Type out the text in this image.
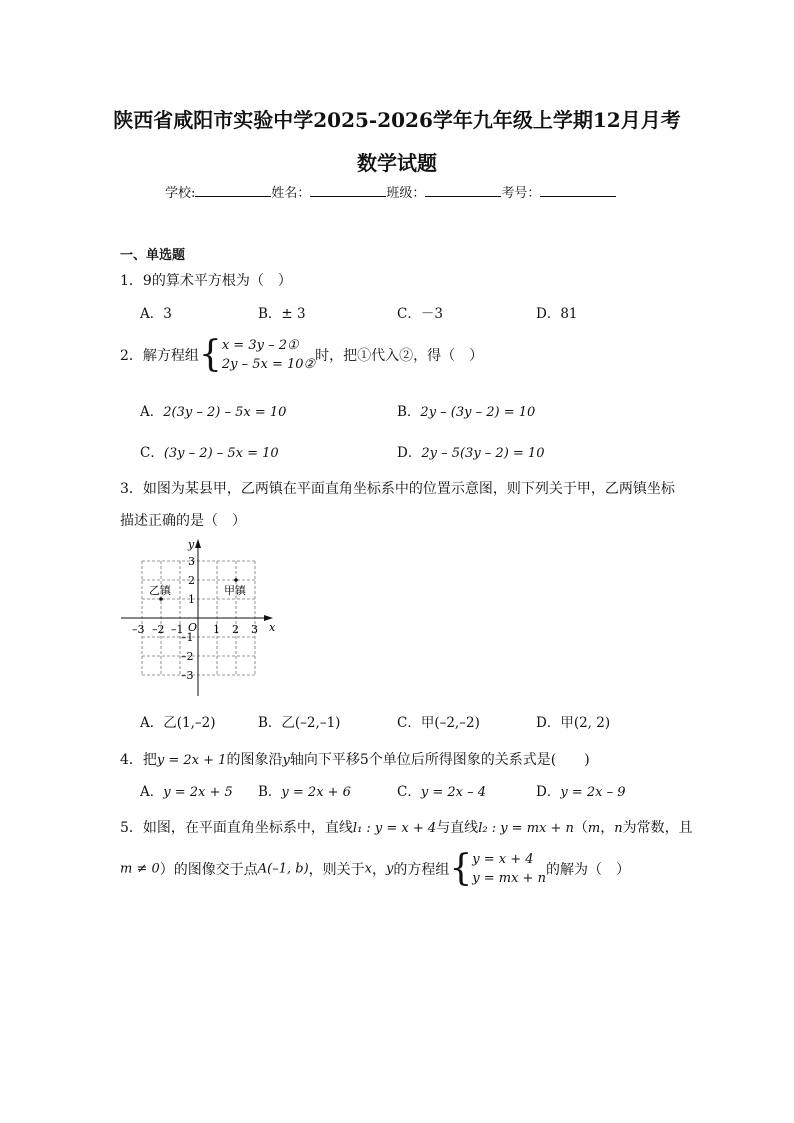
陕西省咸阳市实验中学2025-2026学年九年级上学期12月月考
数学试题
学校:	姓名：	班级：	考号：
一、单选题
1．9的算术平方根为（　）
A．3	B．± 3	C．－3	D．81
2．解方程组{x = 3y – 2①
2y – 5x = 10②时，把①代入②，得（　）
A．2(3y – 2) – 5x = 10	B．2y – (3y – 2) = 10
C．(3y – 2) – 5x = 10	D．2y – 5(3y – 2) = 10
3．如图为某县甲，乙两镇在平面直角坐标系中的位置示意图，则下列关于甲，乙两镇坐标
描述正确的是（　）
y
x
O
–3 –2 –1	1 2 3
3
2
1
–1
–2
–3
乙镇	甲镇
A．乙(1,–2)	B．乙(–2,–1)	C．甲(–2,–2)	D．甲(2, 2)
4．把y = 2x + 1的图象沿y轴向下平移5个单位后所得图象的关系式是(　　)
A．y = 2x + 5 B．y = 2x + 6	C．y = 2x – 4	D．y = 2x – 9
5．如图，在平面直角坐标系中，直线l₁ : y = x + 4与直线l₂ : y = mx + n（m，n为常数，且
m ≠ 0）的图像交于点A(–1, b)，则关于x，y的方程组{y = x + 4
y = mx + n的解为（　）
